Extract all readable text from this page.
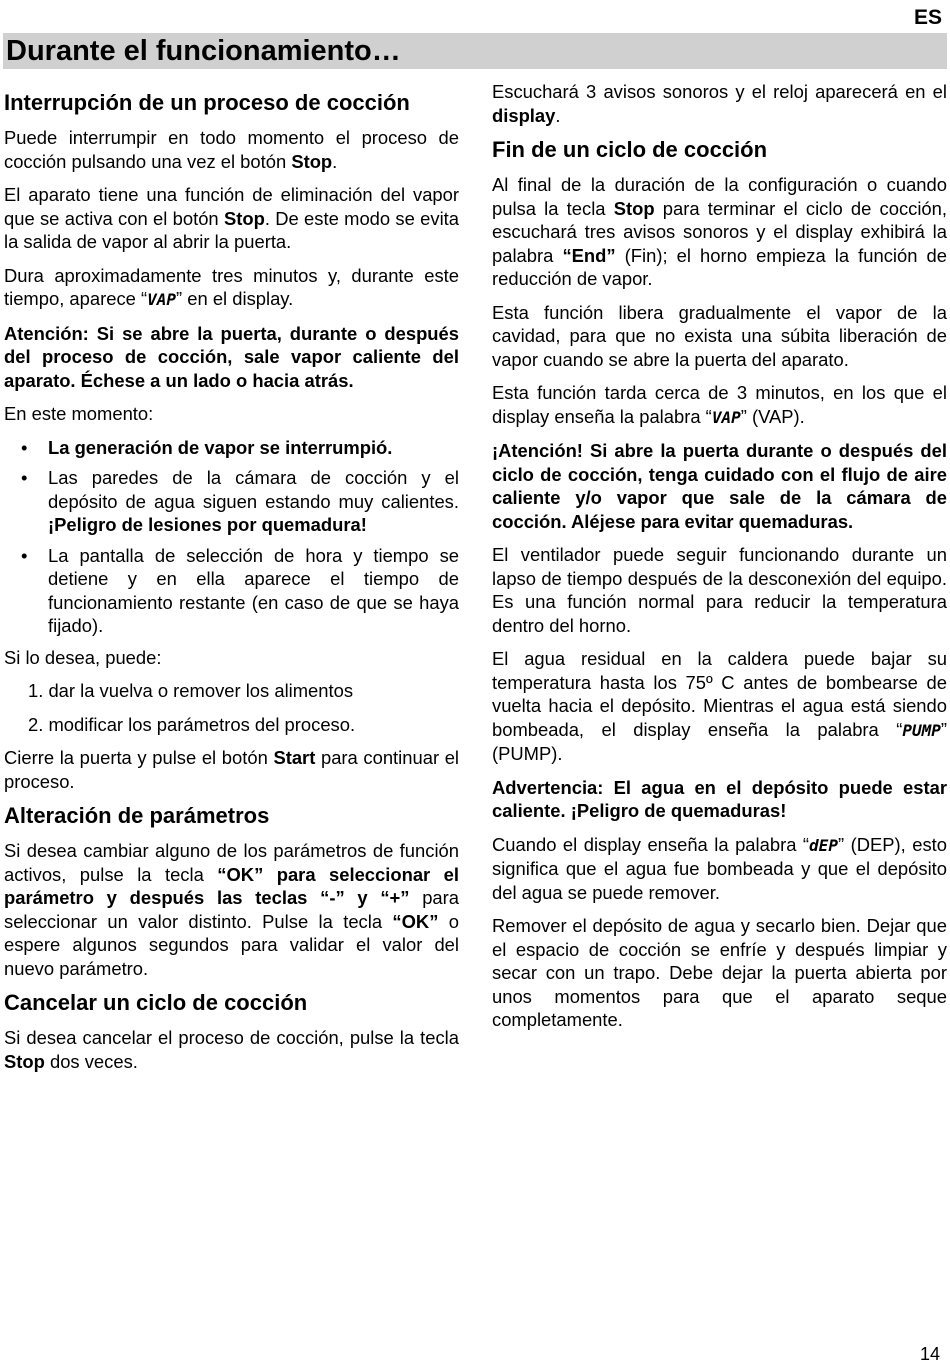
ES
Durante el funcionamiento…
Interrupción de un proceso de cocción

Puede interrumpir en todo momento el proceso de cocción pulsando una vez el botón Stop.

El aparato tiene una función de eliminación del vapor que se activa con el botón Stop. De este modo se evita la salida de vapor al abrir la puerta.

Dura aproximadamente tres minutos y, durante este tiempo, aparece “VAP” en el display.

Atención: Si se abre la puerta, durante o después del proceso de cocción, sale vapor caliente del aparato. Échese a un lado o hacia atrás.

En este momento:

• La generación de vapor se interrumpió.
• Las paredes de la cámara de cocción y el depósito de agua siguen estando muy calientes. ¡Peligro de lesiones por quemadura!
• La pantalla de selección de hora y tiempo se detiene y en ella aparece el tiempo de funcionamiento restante (en caso de que se haya fijado).

Si lo desea, puede:

1. dar la vuelva o remover los alimentos
2. modificar los parámetros del proceso.

Cierre la puerta y pulse el botón Start para continuar el proceso.

Alteración de parámetros

Si desea cambiar alguno de los parámetros de función activos, pulse la tecla “OK” para seleccionar el parámetro y después las teclas “-” y “+” para seleccionar un valor distinto. Pulse la tecla “OK” o espere algunos segundos para validar el valor del nuevo parámetro.

Cancelar un ciclo de cocción

Si desea cancelar el proceso de cocción, pulse la tecla Stop dos veces.

Escuchará 3 avisos sonoros y el reloj aparecerá en el display.

Fin de un ciclo de cocción

Al final de la duración de la configuración o cuando pulsa la tecla Stop para terminar el ciclo de cocción, escuchará tres avisos sonoros y el display exhibirá la palabra “End” (Fin); el horno empieza la función de reducción de vapor.

Esta función libera gradualmente el vapor de la cavidad, para que no exista una súbita liberación de vapor cuando se abre la puerta del aparato.

Esta función tarda cerca de 3 minutos, en los que el display enseña la palabra “VAP” (VAP).

¡Atención! Si abre la puerta durante o después del ciclo de cocción, tenga cuidado con el flujo de aire caliente y/o vapor que sale de la cámara de cocción. Aléjese para evitar quemaduras.

El ventilador puede seguir funcionando durante un lapso de tiempo después de la desconexión del equipo. Es una función normal para reducir la temperatura dentro del horno.

El agua residual en la caldera puede bajar su temperatura hasta los 75º C antes de bombearse de vuelta hacia el depósito. Mientras el agua está siendo bombeada, el display enseña la palabra “PUMP” (PUMP).

Advertencia: El agua en el depósito puede estar caliente. ¡Peligro de quemaduras!

Cuando el display enseña la palabra “dEP” (DEP), esto significa que el agua fue bombeada y que el depósito del agua se puede remover.

Remover el depósito de agua y secarlo bien. Dejar que el espacio de cocción se enfríe y después limpiar y secar con un trapo. Debe dejar la puerta abierta por unos momentos para que el aparato seque completamente.

14
